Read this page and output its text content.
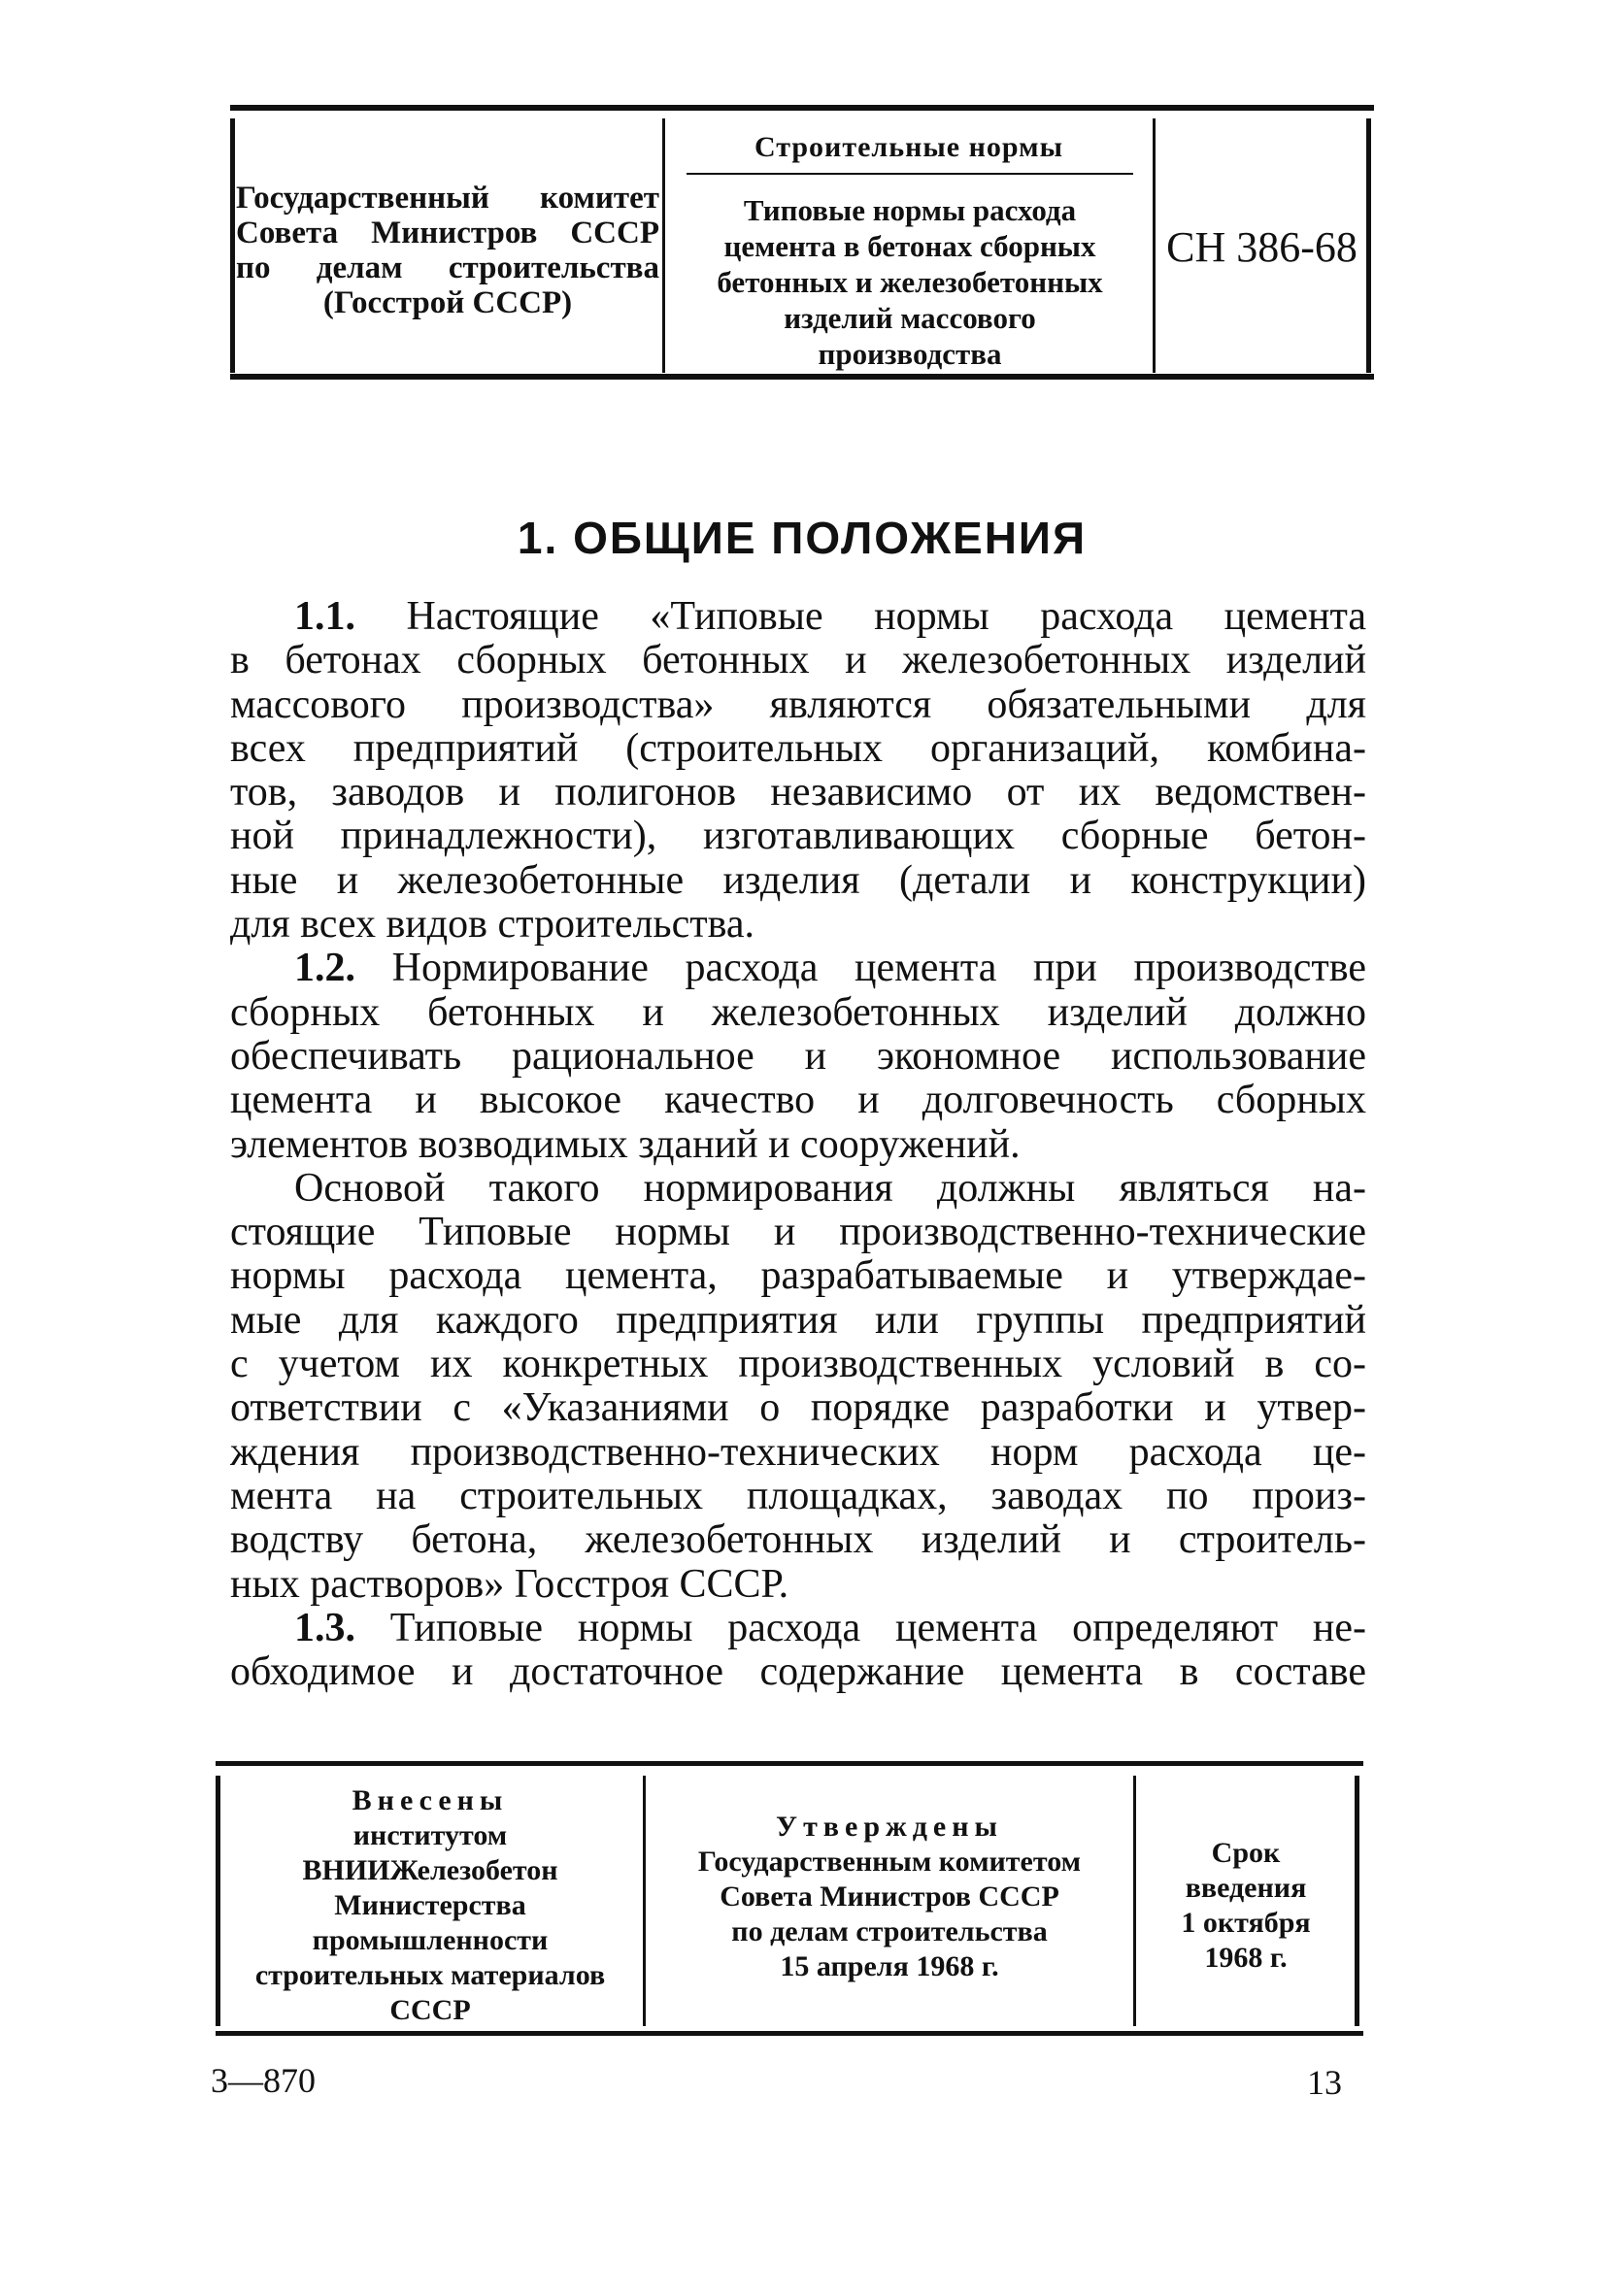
Государственный комитет
Совета Министров СССР
по делам строительства
(Госстрой СССР)
Строительные нормы
Типовые нормы расхода
цемента в бетонах сборных
бетонных и железобетонных
изделий массового
производства
СН 386-68
1. ОБЩИЕ ПОЛОЖЕНИЯ
1.1. Настоящие «Типовые нормы расхода цемента
в бетонах сборных бетонных и железобетонных изделий
массового производства» являются обязательными для
всех предприятий (строительных организаций, комбина-
тов, заводов и полигонов независимо от их ведомствен-
ной принадлежности), изготавливающих сборные бетон-
ные и железобетонные изделия (детали и конструкции)
для всех видов строительства.
1.2. Нормирование расхода цемента при производстве
сборных бетонных и железобетонных изделий должно
обеспечивать рациональное и экономное использование
цемента и высокое качество и долговечность сборных
элементов возводимых зданий и сооружений.
Основой такого нормирования должны являться на-
стоящие Типовые нормы и производственно-технические
нормы расхода цемента, разрабатываемые и утверждае-
мые для каждого предприятия или группы предприятий
с учетом их конкретных производственных условий в со-
ответствии с «Указаниями о порядке разработки и утвер-
ждения производственно-технических норм расхода це-
мента на строительных площадках, заводах по произ-
водству бетона, железобетонных изделий и строитель-
ных растворов» Госстроя СССР.
1.3. Типовые нормы расхода цемента определяют не-
обходимое и достаточное содержание цемента в составе
Внесены
институтом
ВНИИЖелезобетон
Министерства
промышленности
строительных материалов
СССР
Утверждены
Государственным комитетом
Совета Министров СССР
по делам строительства
15 апреля 1968 г.
Срок
введения
1 октября
1968 г.
3—870	13
